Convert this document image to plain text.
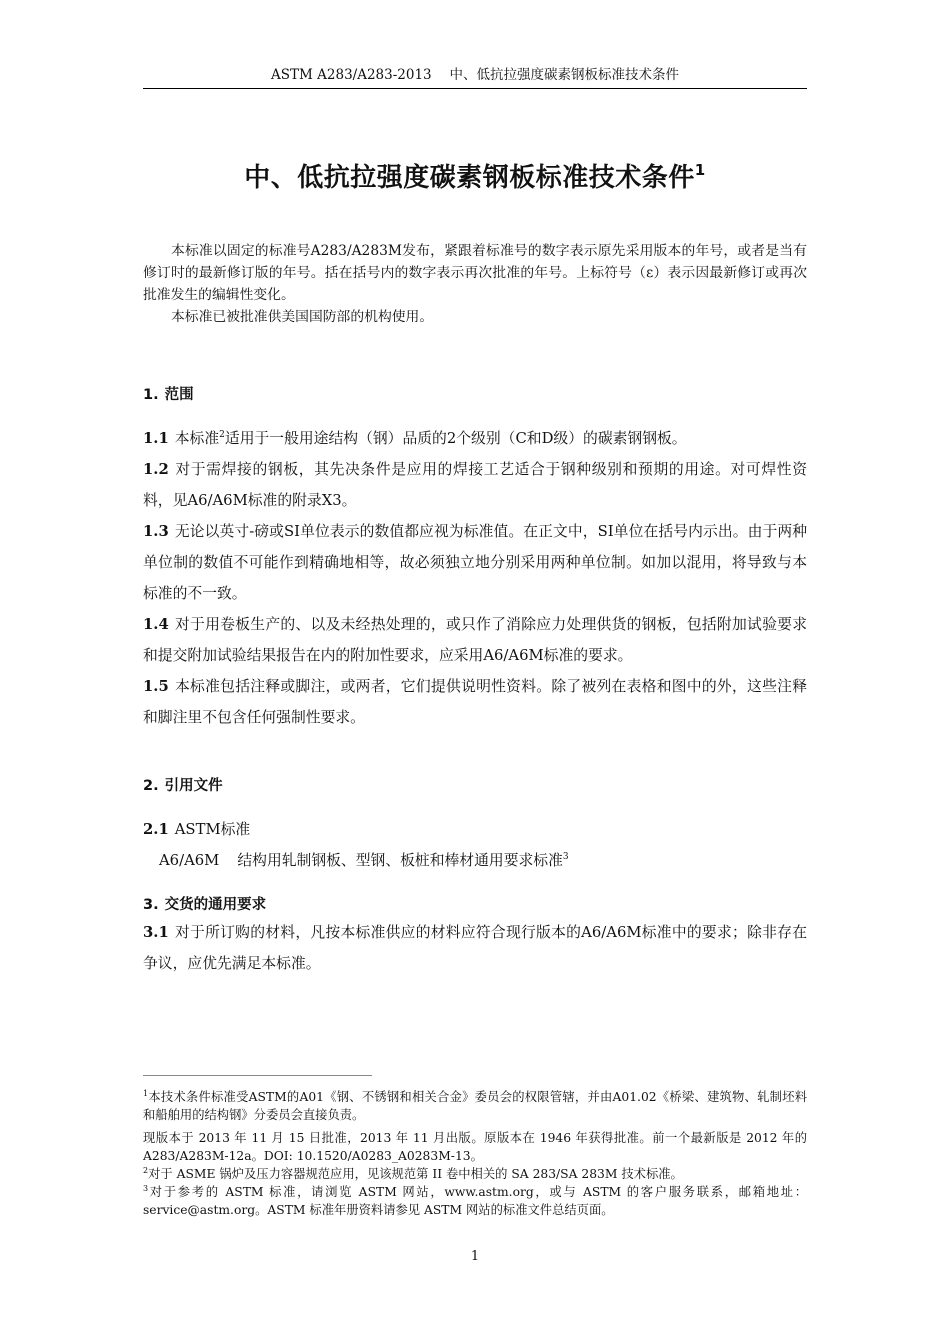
ASTM A283/A283-2013　 中、低抗拉强度碳素钢板标准技术条件
中、低抗拉强度碳素钢板标准技术条件$^1$

本标准以固定的标准号A283/A283M发布，紧跟着标准号的数字表示原先采用版本的年号，或者是当有修订时的最新修订版的年号。括在括号内的数字表示再次批准的年号。上标符号（ε）表示因最新修订或再次批准发生的编辑性变化。

本标准已被批准供美国国防部的机构使用。

1. 范围

1.1 本标准$^2$适用于一般用途结构（钢）品质的2个级别（C和D级）的碳素钢钢板。

1.2 对于需焊接的钢板，其先决条件是应用的焊接工艺适合于钢种级别和预期的用途。对可焊性资料，见A6/A6M标准的附录X3。

1.3 无论以英寸-磅或SI单位表示的数值都应视为标准值。在正文中，SI单位在括号内示出。由于两种单位制的数值不可能作到精确地相等，故必须独立地分别采用两种单位制。如加以混用，将导致与本标准的不一致。

1.4 对于用卷板生产的、以及未经热处理的，或只作了消除应力处理供货的钢板，包括附加试验要求和提交附加试验结果报告在内的附加性要求，应采用A6/A6M标准的要求。

1.5 本标准包括注释或脚注，或两者，它们提供说明性资料。除了被列在表格和图中的外，这些注释和脚注里不包含任何强制性要求。

2. 引用文件

2.1 ASTM标准

A6/A6M 结构用轧制钢板、型钢、板桩和棒材通用要求标准$^3$

3. 交货的通用要求

3.1 对于所订购的材料，凡按本标准供应的材料应符合现行版本的A6/A6M标准中的要求；除非存在争议，应优先满足本标准。

$^1$本技术条件标准受ASTM的A01《钢、不锈钢和相关合金》委员会的权限管辖，并由A01.02《桥梁、建筑物、轧制坯料和船舶用的结构钢》分委员会直接负责。

现版本于 2013 年 11 月 15 日批准，2013 年 11 月出版。原版本在 1946 年获得批准。前一个最新版是 2012 年的 A283/A283M-12a。DOI: 10.1520/A0283_A0283M-13。

$^2$对于 ASME 锅炉及压力容器规范应用，见该规范第 II 卷中相关的 SA 283/SA 283M 技术标准。

$^3$对于参考的 ASTM 标准，请浏览 ASTM 网站，www.astm.org，或与 ASTM 的客户服务联系，邮箱地址：service@astm.org。ASTM 标准年册资料请参见 ASTM 网站的标准文件总结页面。

1
